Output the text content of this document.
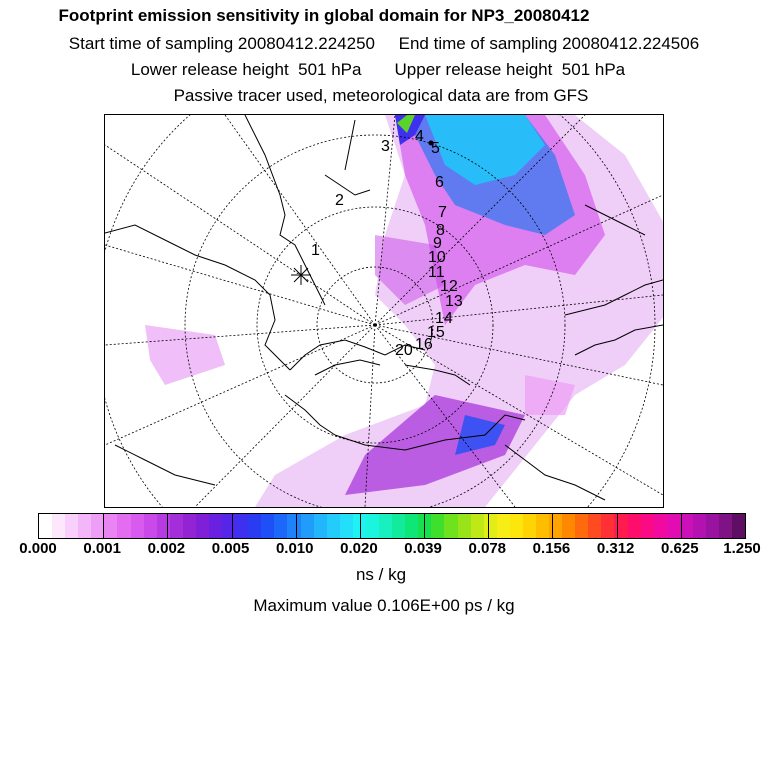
Footprint emission sensitivity in global domain for NP3_20080412
Start time of sampling 20080412.224250     End time of sampling 20080412.224506
Lower release height  501 hPa       Upper release height  501 hPa
Passive tracer used, meteorological data are from GFS
1
2
3
4
5
6
7
8
9
10
11
12
13
14
15
16
20
0.000 0.001 0.002 0.005 0.010 0.020 0.039 0.078 0.156 0.312 0.625 1.250
ns / kg
Maximum value 0.106E+00 ps / kg
